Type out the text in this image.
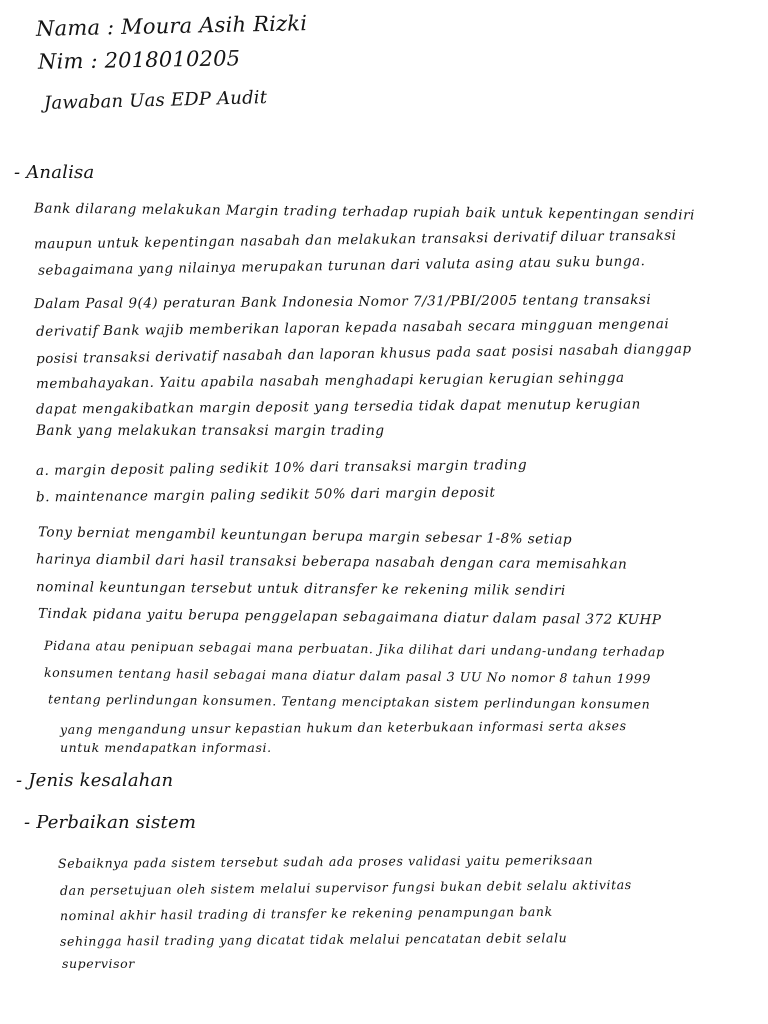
Nama : Moura Asih Rizki
Nim : 2018010205
Jawaban Uas EDP Audit
- Analisa
Bank dilarang melakukan Margin trading terhadap rupiah baik untuk kepentingan sendiri
maupun untuk kepentingan nasabah dan melakukan transaksi derivatif diluar transaksi
sebagaimana yang nilainya merupakan turunan dari valuta asing atau suku bunga.
Dalam Pasal 9(4) peraturan Bank Indonesia Nomor 7/31/PBI/2005 tentang transaksi
derivatif Bank wajib memberikan laporan kepada nasabah secara mingguan mengenai
posisi transaksi derivatif nasabah dan laporan khusus pada saat posisi nasabah dianggap
membahayakan. Yaitu apabila nasabah menghadapi kerugian kerugian sehingga
dapat mengakibatkan margin deposit yang tersedia tidak dapat menutup kerugian
Bank yang melakukan transaksi margin trading
a. margin deposit paling sedikit 10% dari transaksi margin trading
b. maintenance margin paling sedikit 50% dari margin deposit
Tony berniat mengambil keuntungan berupa margin sebesar 1-8% setiap
harinya diambil dari hasil transaksi beberapa nasabah dengan cara memisahkan
nominal keuntungan tersebut untuk ditransfer ke rekening milik sendiri
Tindak pidana yaitu berupa penggelapan sebagaimana diatur dalam pasal 372 KUHP
Pidana atau penipuan sebagai mana perbuatan. Jika dilihat dari undang-undang terhadap
konsumen tentang hasil sebagai mana diatur dalam pasal 3 UU No nomor 8 tahun 1999
tentang perlindungan konsumen. Tentang menciptakan sistem perlindungan konsumen
yang mengandung unsur kepastian hukum dan keterbukaan informasi serta akses
untuk mendapatkan informasi.
- Jenis kesalahan
- Perbaikan sistem
Sebaiknya pada sistem tersebut sudah ada proses validasi yaitu pemeriksaan
dan persetujuan oleh sistem melalui supervisor fungsi bukan debit selalu aktivitas
nominal akhir hasil trading di transfer ke rekening penampungan bank
sehingga hasil trading yang dicatat tidak melalui pencatatan debit selalu
supervisor
